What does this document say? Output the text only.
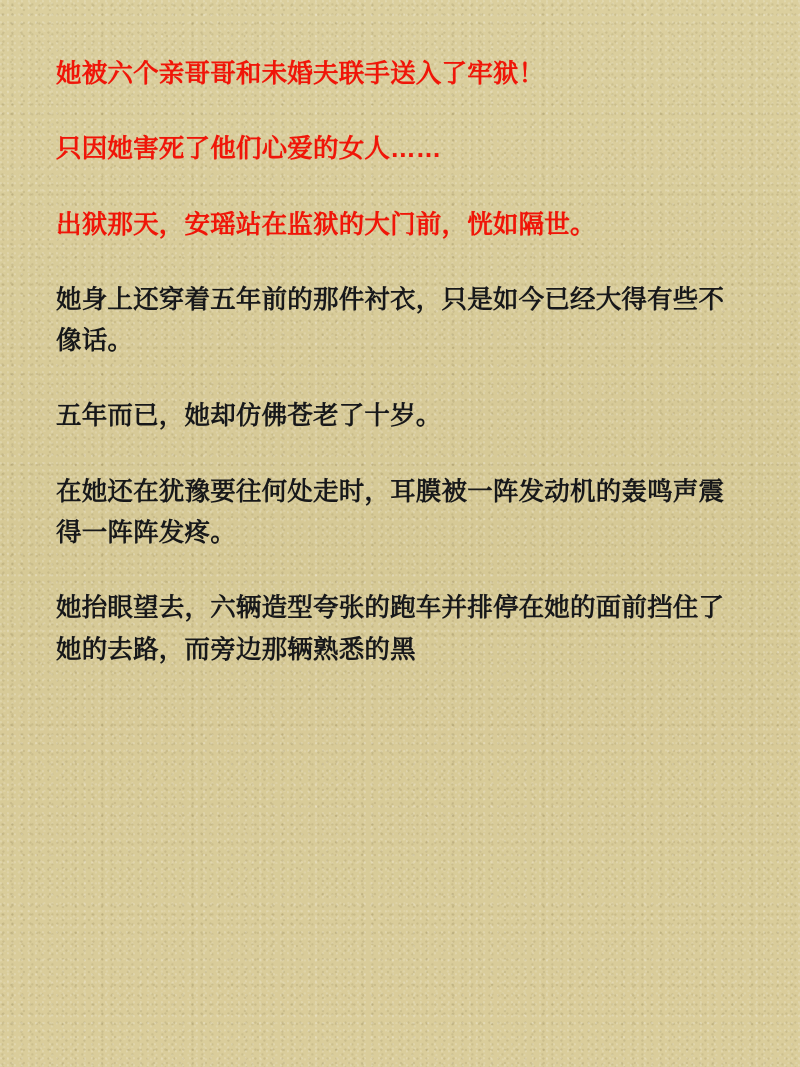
她被六个亲哥哥和未婚夫联手送入了牢狱！

只因她害死了他们心爱的女人……

出狱那天，安瑶站在监狱的大门前，恍如隔世。

她身上还穿着五年前的那件衬衣，只是如今已经大得有些不像话。

五年而已，她却仿佛苍老了十岁。

在她还在犹豫要往何处走时，耳膜被一阵发动机的轰鸣声震得一阵阵发疼。

她抬眼望去，六辆造型夸张的跑车并排停在她的面前挡住了她的去路，而旁边那辆熟悉的黑
